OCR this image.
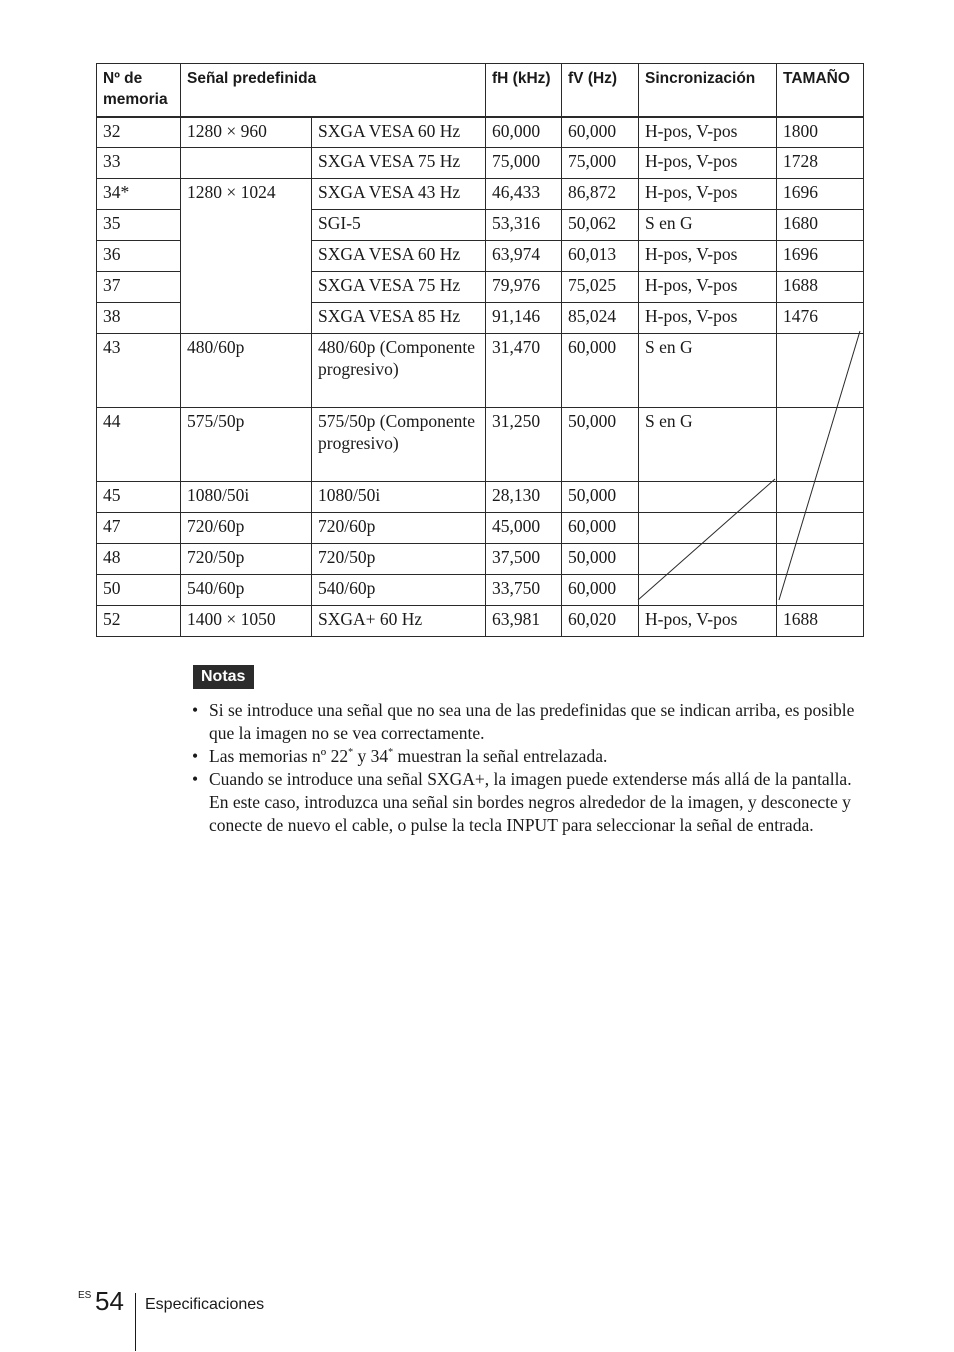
Nº de memoria	Señal predefinida		fH (kHz)	fV (Hz)	Sincronización	TAMAÑO
32	1280 × 960	SXGA VESA 60 Hz	60,000	60,000	H-pos, V-pos	1800
33		SXGA VESA 75 Hz	75,000	75,000	H-pos, V-pos	1728
34*	1280 × 1024	SXGA VESA 43 Hz	46,433	86,872	H-pos, V-pos	1696
35		SGI-5	53,316	50,062	S en G	1680
36		SXGA VESA 60 Hz	63,974	60,013	H-pos, V-pos	1696
37		SXGA VESA 75 Hz	79,976	75,025	H-pos, V-pos	1688
38		SXGA VESA 85 Hz	91,146	85,024	H-pos, V-pos	1476
43	480/60p	480/60p (Componente progresivo)	31,470	60,000	S en G	
44	575/50p	575/50p (Componente progresivo)	31,250	50,000	S en G	
45	1080/50i	1080/50i	28,130	50,000		
47	720/60p	720/60p	45,000	60,000		
48	720/50p	720/50p	37,500	50,000		
50	540/60p	540/60p	33,750	60,000		
52	1400 × 1050	SXGA+ 60 Hz	63,981	60,020	H-pos, V-pos	1688
Notas
• Si se introduce una señal que no sea una de las predefinidas que se indican arriba, es posible que la imagen no se vea correctamente.
• Las memorias nº 22* y 34* muestran la señal entrelazada.
• Cuando se introduce una señal SXGA+, la imagen puede extenderse más allá de la pantalla. En este caso, introduzca una señal sin bordes negros alrededor de la imagen, y desconecte y conecte de nuevo el cable, o pulse la tecla INPUT para seleccionar la señal de entrada.
ES 54 Especificaciones
